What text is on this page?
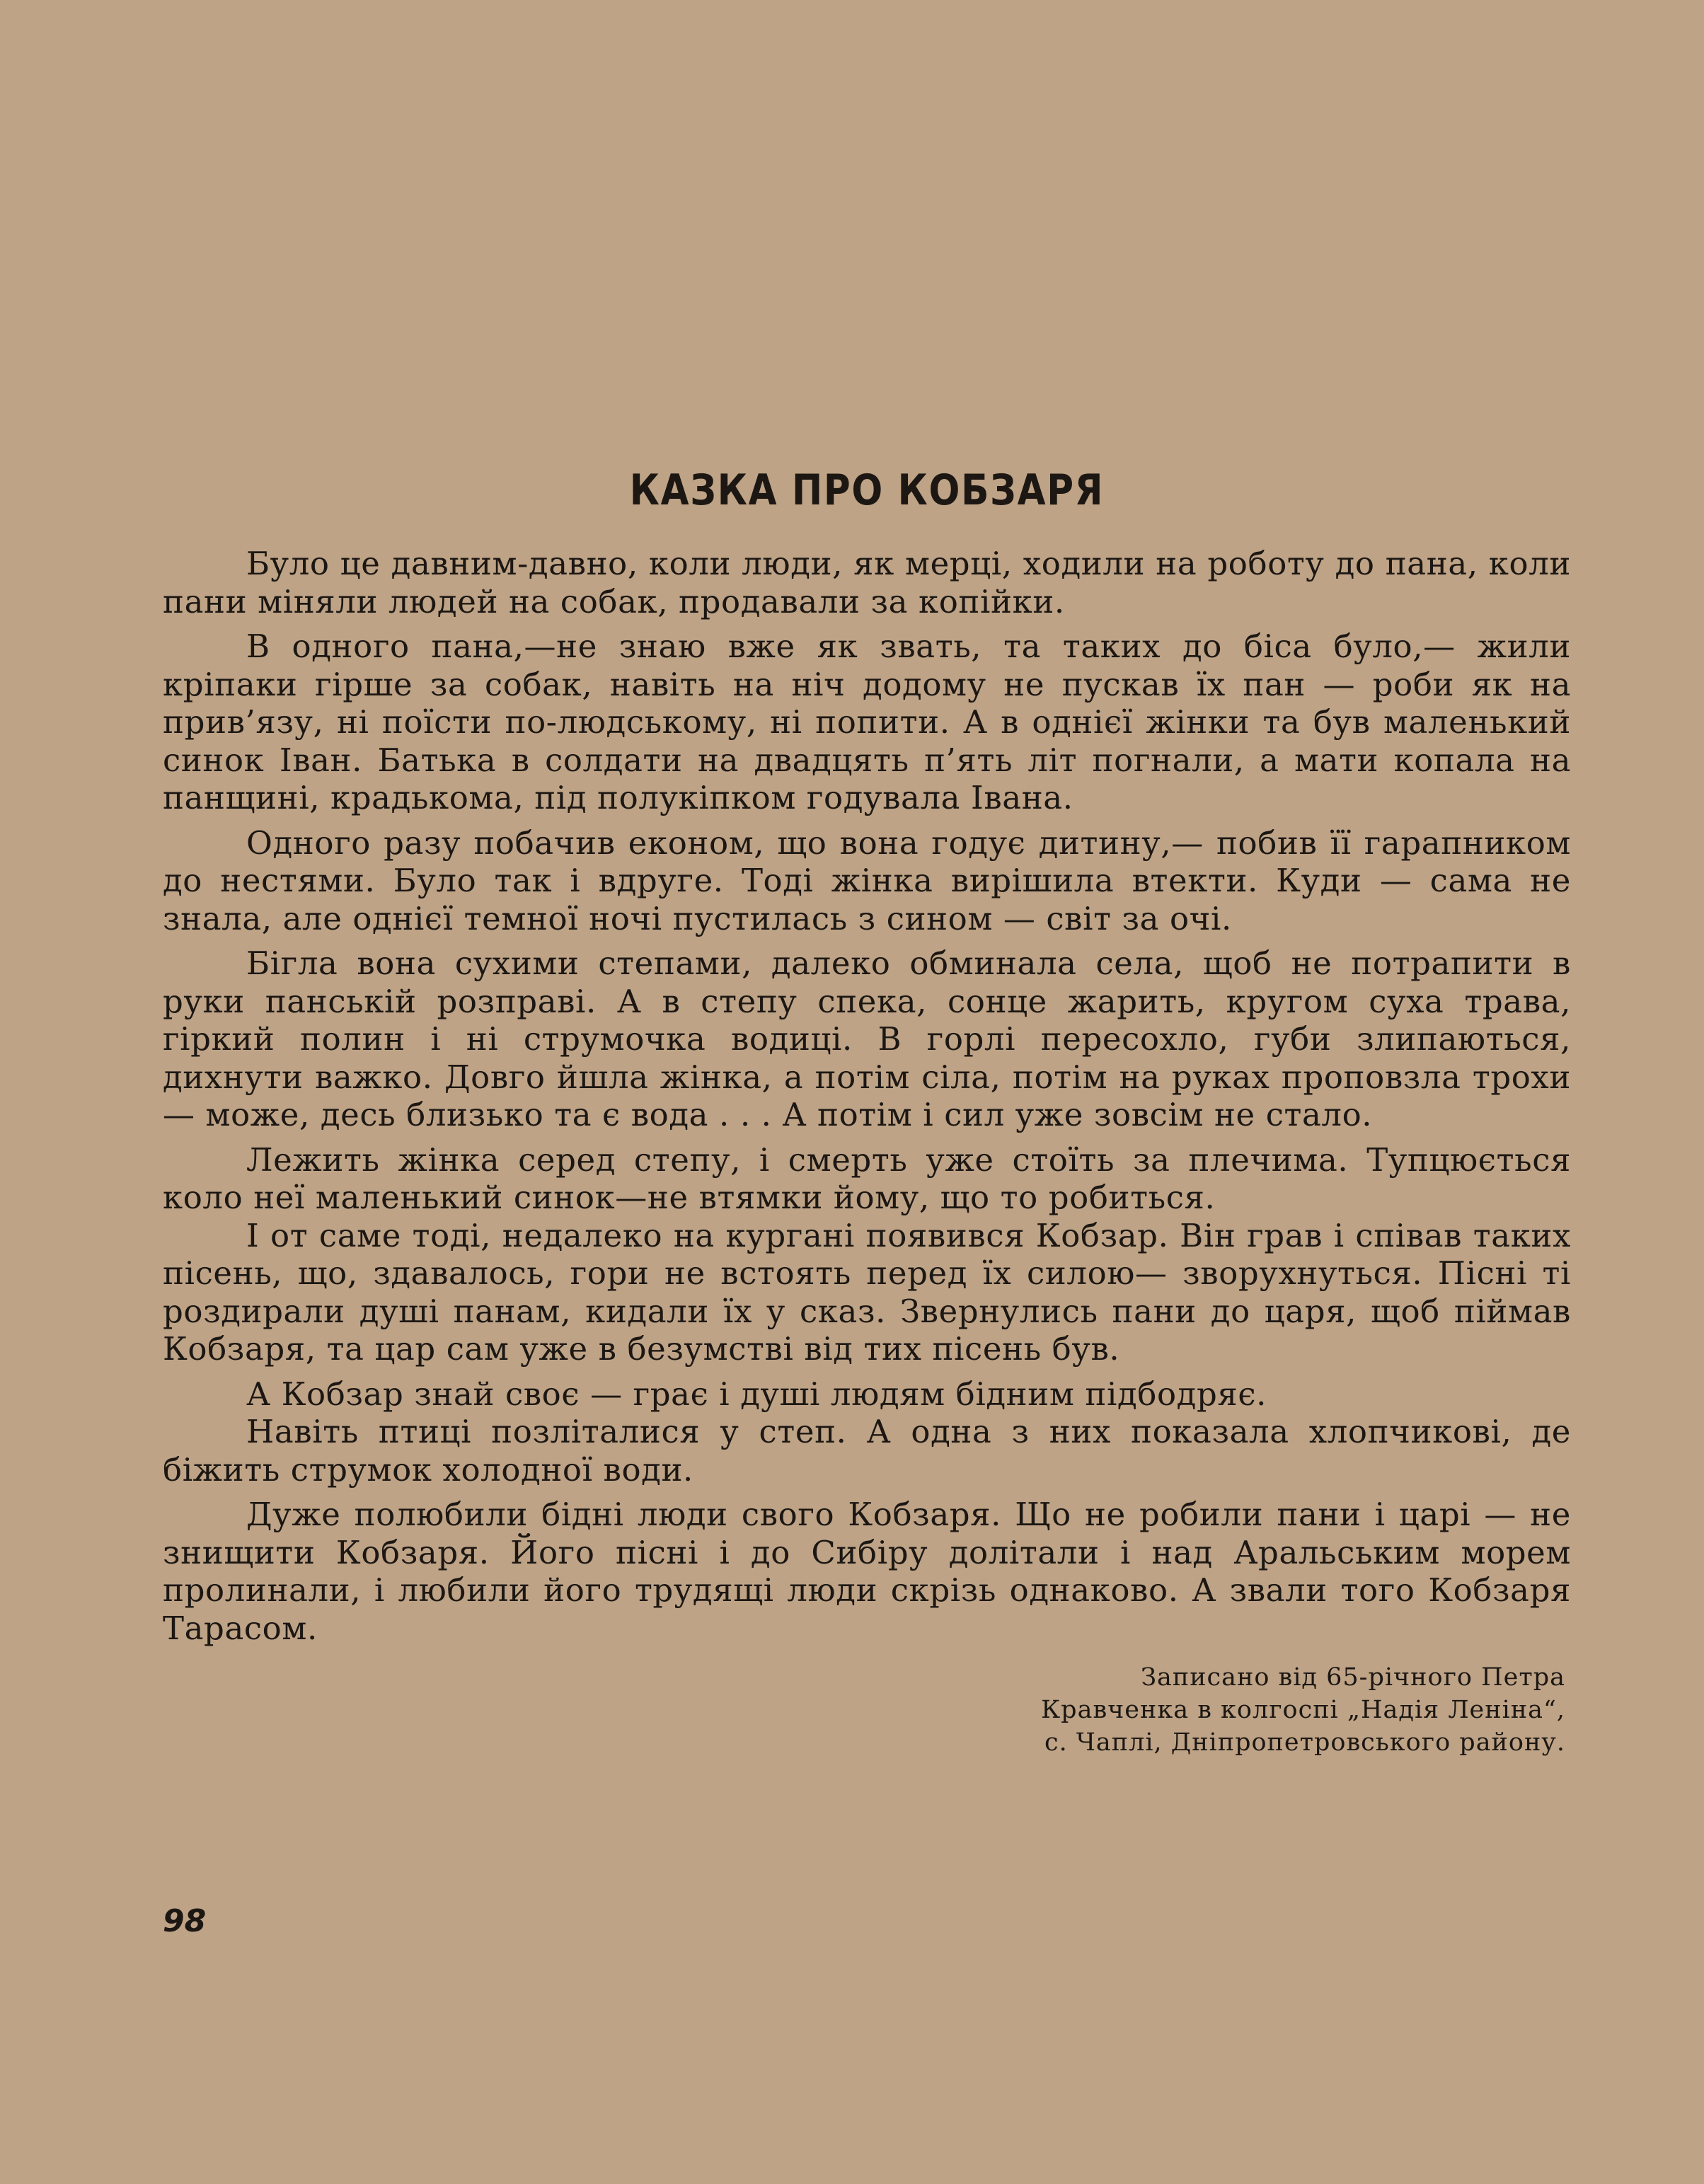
КАЗКА ПРО КОБЗАРЯ

Було це давним-давно, коли люди, як мерці, ходили на роботу до пана, коли пани міняли людей на собак, продавали за копійки.

В одного пана,—не знаю вже як звать, та таких до біса було,— жили кріпаки гірше за собак, навіть на ніч додому не пускав їх пан — роби як на прив’язу, ні поїсти по-людському, ні попити. А в однієї жінки та був маленький синок Іван. Батька в солдати на двадцять п’ять літ погнали, а мати копала на панщині, крадькома, під полукіпком годувала Івана.

Одного разу побачив економ, що вона годує дитину,— побив її гарапником до нестями. Було так і вдруге. Тоді жінка вирішила втекти. Куди — сама не знала, але однієї темної ночі пустилась з сином — світ за очі.

Бігла вона сухими степами, далеко обминала села, щоб не потрапити в руки панській розправі. А в степу спека, сонце жарить, кругом суха трава, гіркий полин і ні струмочка водиці. В горлі пересохло, губи злипаються, дихнути важко. Довго йшла жінка, а потім сіла, потім на руках проповзла трохи — може, десь близько та є вода . . . А потім і сил уже зовсім не стало.

Лежить жінка серед степу, і смерть уже стоїть за плечима. Тупцюється коло неї маленький синок—не втямки йому, що то робиться.

І от саме тоді, недалеко на кургані появився Кобзар. Він грав і співав таких пісень, що, здавалось, гори не встоять перед їх силою— зворухнуться. Пісні ті роздирали душі панам, кидали їх у сказ. Звернулись пани до царя, щоб піймав Кобзаря, та цар сам уже в безумстві від тих пісень був.

А Кобзар знай своє — грає і душі людям бідним підбодряє.

Навіть птиці позліталися у степ. А одна з них показала хлопчикові, де біжить струмок холодної води.

Дуже полюбили бідні люди свого Кобзаря. Що не робили пани і царі — не знищити Кобзаря. Його пісні і до Сибіру долітали і над Аральським морем пролинали, і любили його трудящі люди скрізь однаково. А звали того Кобзаря Тарасом.

Записано від 65-річного Петра
Кравченка в колгоспі „Надія Леніна“,
с. Чаплі, Дніпропетровського району.
98
